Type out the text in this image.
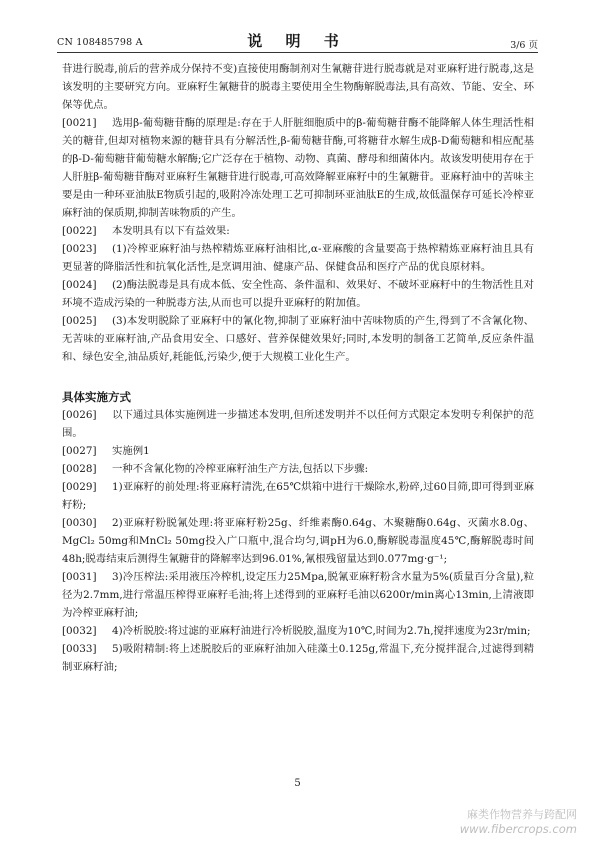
CN 108485798 A	说 明 书	3/6 页

苷进行脱毒,前后的营养成分保持不变)直接使用酶制剂对生氰糖苷进行脱毒就是对亚麻籽进行脱毒,这是该发明的主要研究方向。亚麻籽生氰糖苷的脱毒主要使用全生物酶解脱毒法,具有高效、节能、安全、环保等优点。

[0021] 选用β-葡萄糖苷酶的原理是:存在于人肝脏细胞质中的β-葡萄糖苷酶不能降解人体生理活性相关的糖苷,但却对植物来源的糖苷具有分解活性,β-葡萄糖苷酶,可将糖苷水解生成β-D葡萄糖和相应配基的β-D-葡萄糖苷葡萄糖水解酶;它广泛存在于植物、动物、真菌、酵母和细菌体内。故该发明使用存在于人肝脏β-葡萄糖苷酶对亚麻籽生氰糖苷进行脱毒,可高效降解亚麻籽中的生氰糖苷。亚麻籽油中的苦味主要是由一种环亚油肽E物质引起的,吸附冷冻处理工艺可抑制环亚油肽E的生成,故低温保存可延长冷榨亚麻籽油的保质期,抑制苦味物质的产生。

[0022] 本发明具有以下有益效果:

[0023] (1)冷榨亚麻籽油与热榨精炼亚麻籽油相比,α-亚麻酸的含量要高于热榨精炼亚麻籽油且具有更显著的降脂活性和抗氧化活性,是烹调用油、健康产品、保健食品和医疗产品的优良原材料。

[0024] (2)酶法脱毒是具有成本低、安全性高、条件温和、效果好、不破坏亚麻籽中的生物活性且对环境不造成污染的一种脱毒方法,从而也可以提升亚麻籽的附加值。

[0025] (3)本发明脱除了亚麻籽中的氰化物,抑制了亚麻籽油中苦味物质的产生,得到了不含氰化物、无苦味的亚麻籽油,产品食用安全、口感好、营养保健效果好;同时,本发明的制备工艺简单,反应条件温和、绿色安全,油品质好,耗能低,污染少,便于大规模工业化生产。

具体实施方式

[0026] 以下通过具体实施例进一步描述本发明,但所述发明并不以任何方式限定本发明专利保护的范围。

[0027] 实施例1

[0028] 一种不含氰化物的冷榨亚麻籽油生产方法,包括以下步骤:

[0029] 1)亚麻籽的前处理:将亚麻籽清洗,在65℃烘箱中进行干燥除水,粉碎,过60目筛,即可得到亚麻籽粉;

[0030] 2)亚麻籽粉脱氰处理:将亚麻籽粉25g、纤维素酶0.64g、木聚糖酶0.64g、灭菌水8.0g、MgCl₂ 50mg和MnCl₂ 50mg投入广口瓶中,混合均匀,调pH为6.0,酶解脱毒温度45℃,酶解脱毒时间48h;脱毒结束后测得生氰糖苷的降解率达到96.01%,氰根残留量达到0.077mg·g⁻¹;

[0031] 3)冷压榨法:采用液压冷榨机,设定压力25Mpa,脱氰亚麻籽粉含水量为5%(质量百分含量),粒径为2.7mm,进行常温压榨得亚麻籽毛油;将上述得到的亚麻籽毛油以6200r/min离心13min,上清液即为冷榨亚麻籽油;

[0032] 4)冷析脱胶:将过滤的亚麻籽油进行冷析脱胶,温度为10℃,时间为2.7h,搅拌速度为23r/min;

[0033] 5)吸附精制:将上述脱胶后的亚麻籽油加入硅藻土0.125g,常温下,充分搅拌混合,过滤得到精制亚麻籽油;

5
麻类作物营养与跨配网
www.fibercrops.com
